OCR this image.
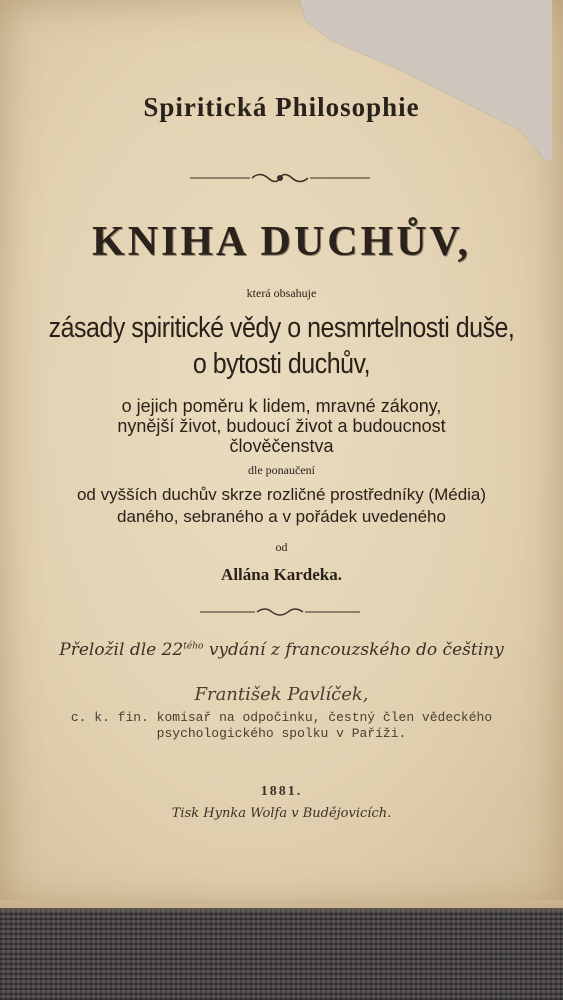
Spiritická Philosophie
KNIHA DUCHŮV,
která obsahuje
zásady spiritické vědy o nesmrtelnosti duše,
o bytosti duchův,
o jejich poměru k lidem, mravné zákony,
nynější život, budoucí život a budoucnost
člověčenstva
dle ponaučení
od vyšších duchův skrze rozličné prostředníky (Média)
daného, sebraného a v pořádek uvedeného
od
Allána Kardeka.
Přeložil dle $22^{tého}$ vydání z francouzského do češtiny
František Pavlíček,
c. k. fin. komisař na odpočinku, čestný člen vědeckého
psychologického spolku v Paříži.
1881.
Tisk Hynka Wolfa v Budějovicích.
